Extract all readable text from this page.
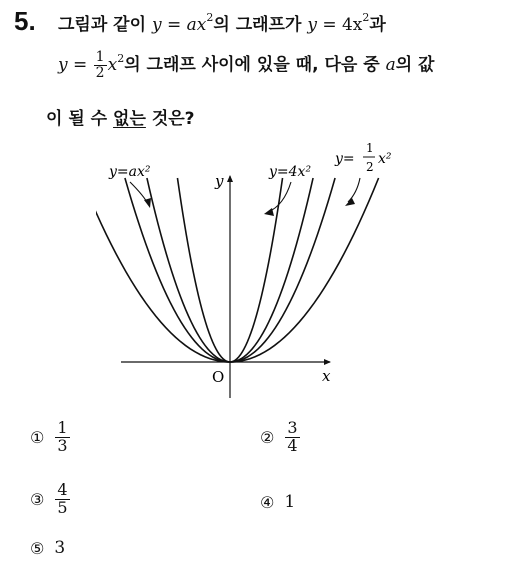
5. 그림과 같이 $y = ax^2$의 그래프가 $y = 4x^2$과
$y = \frac{1}{2} x^2$의 그래프 사이에 있을 때, 다음 중 a의 값
이 될 수 없는 것은?
y=ax²	y=4x²
y=
1
2 x²
y
x
O
① $\frac{1}{3}$	② $\frac{3}{4}$
③ $\frac{4}{5}$	④ 1
⑤ 3
